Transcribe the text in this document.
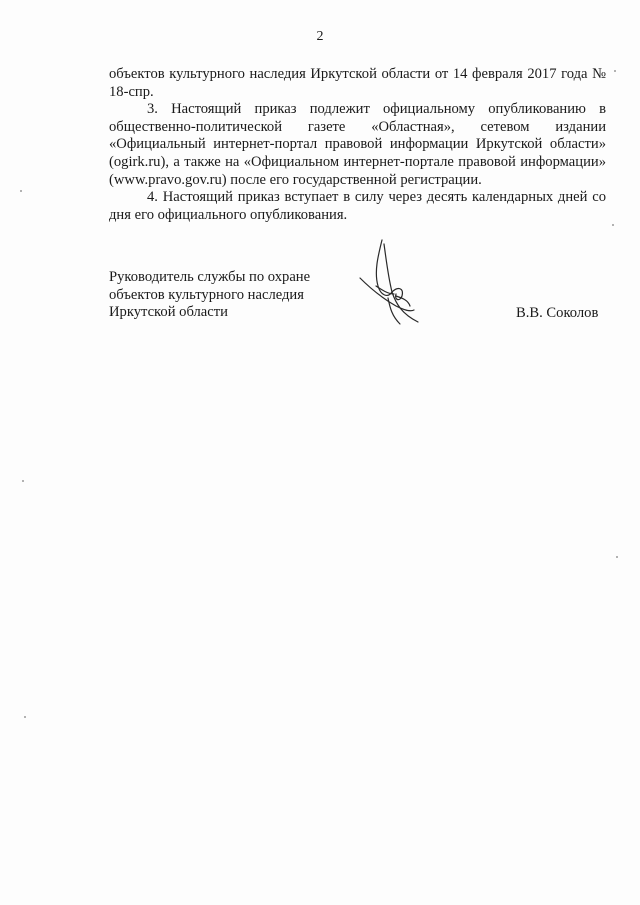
2

объектов культурного наследия Иркутской области от 14 февраля 2017 года № 18-спр.

3. Настоящий приказ подлежит официальному опубликованию в общественно-политической газете «Областная», сетевом издании «Официальный интернет-портал правовой информации Иркутской области» (ogirk.ru), а также на «Официальном интернет-портале правовой информации» (www.pravo.gov.ru) после его государственной регистрации.

4. Настоящий приказ вступает в силу через десять календарных дней со дня его официального опубликования.

Руководитель службы по охране
объектов культурного наследия
Иркутской области	В.В. Соколов
